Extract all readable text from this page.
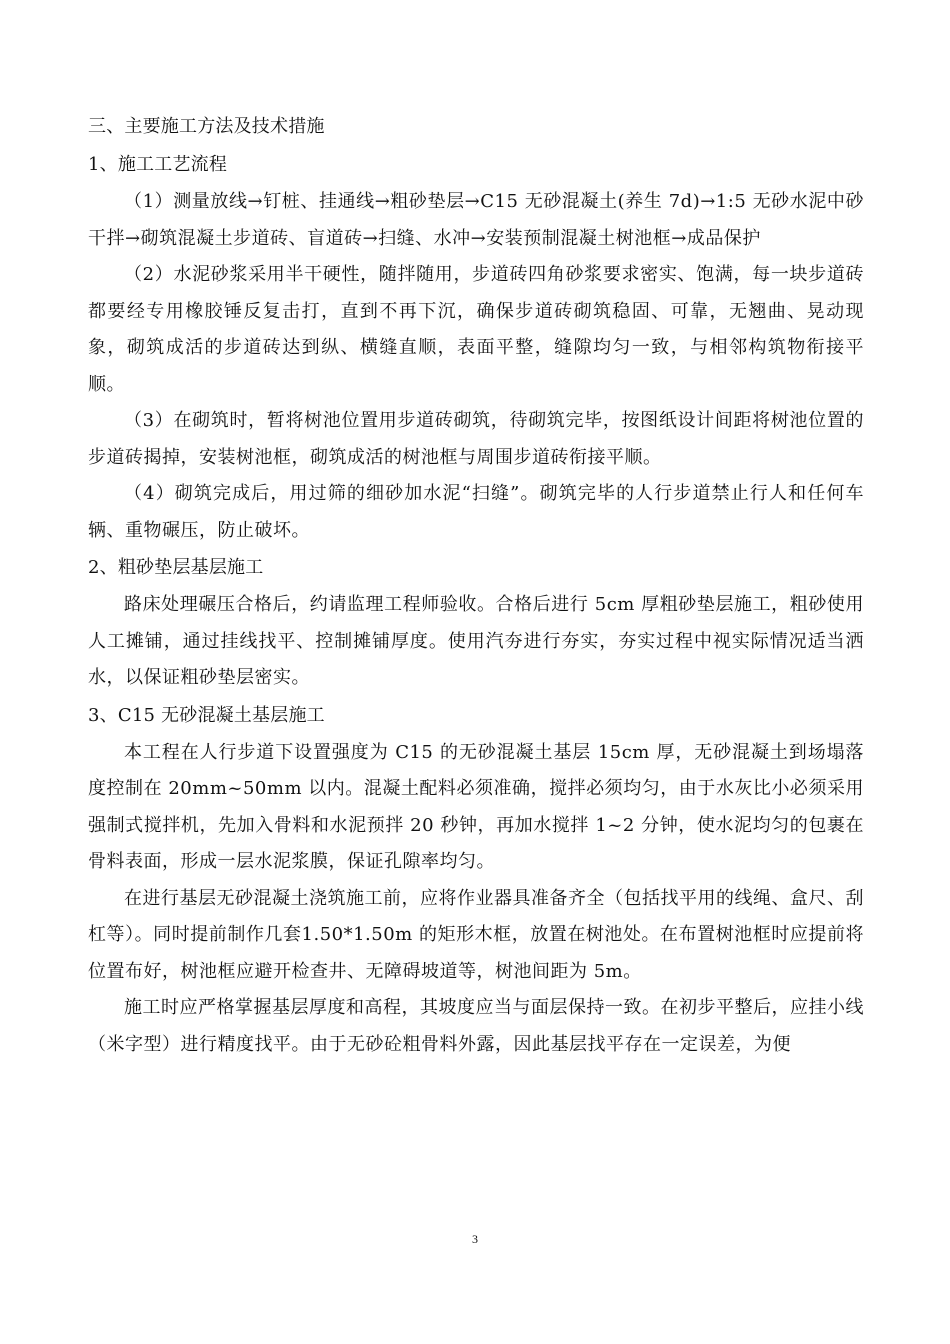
三、主要施工方法及技术措施

1、施工工艺流程

（1）测量放线→钉桩、挂通线→粗砂垫层→C15 无砂混凝土(养生 7d)→1:5 无砂水泥中砂干拌→砌筑混凝土步道砖、盲道砖→扫缝、水冲→安装预制混凝土树池框→成品保护

（2）水泥砂浆采用半干硬性，随拌随用，步道砖四角砂浆要求密实、饱满，每一块步道砖都要经专用橡胶锤反复击打，直到不再下沉，确保步道砖砌筑稳固、可靠，无翘曲、晃动现象，砌筑成活的步道砖达到纵、横缝直顺，表面平整，缝隙均匀一致，与相邻构筑物衔接平顺。

（3）在砌筑时，暂将树池位置用步道砖砌筑，待砌筑完毕，按图纸设计间距将树池位置的步道砖揭掉，安装树池框，砌筑成活的树池框与周围步道砖衔接平顺。

（4）砌筑完成后，用过筛的细砂加水泥“扫缝”。砌筑完毕的人行步道禁止行人和任何车辆、重物碾压，防止破坏。

2、粗砂垫层基层施工

路床处理碾压合格后，约请监理工程师验收。合格后进行 5cm 厚粗砂垫层施工，粗砂使用人工摊铺，通过挂线找平、控制摊铺厚度。使用汽夯进行夯实，夯实过程中视实际情况适当洒水，以保证粗砂垫层密实。

3、C15 无砂混凝土基层施工

本工程在人行步道下设置强度为 C15 的无砂混凝土基层 15cm 厚，无砂混凝土到场塌落度控制在 20mm~50mm 以内。混凝土配料必须准确，搅拌必须均匀，由于水灰比小必须采用强制式搅拌机，先加入骨料和水泥预拌 20 秒钟，再加水搅拌 1~2 分钟，使水泥均匀的包裹在骨料表面，形成一层水泥浆膜，保证孔隙率均匀。

在进行基层无砂混凝土浇筑施工前，应将作业器具准备齐全（包括找平用的线绳、盒尺、刮杠等）。同时提前制作几套1.50*1.50m 的矩形木框，放置在树池处。在布置树池框时应提前将位置布好，树池框应避开检查井、无障碍坡道等，树池间距为 5m。

施工时应严格掌握基层厚度和高程，其坡度应当与面层保持一致。在初步平整后，应挂小线（米字型）进行精度找平。由于无砂砼粗骨料外露，因此基层找平存在一定误差，为便

3
